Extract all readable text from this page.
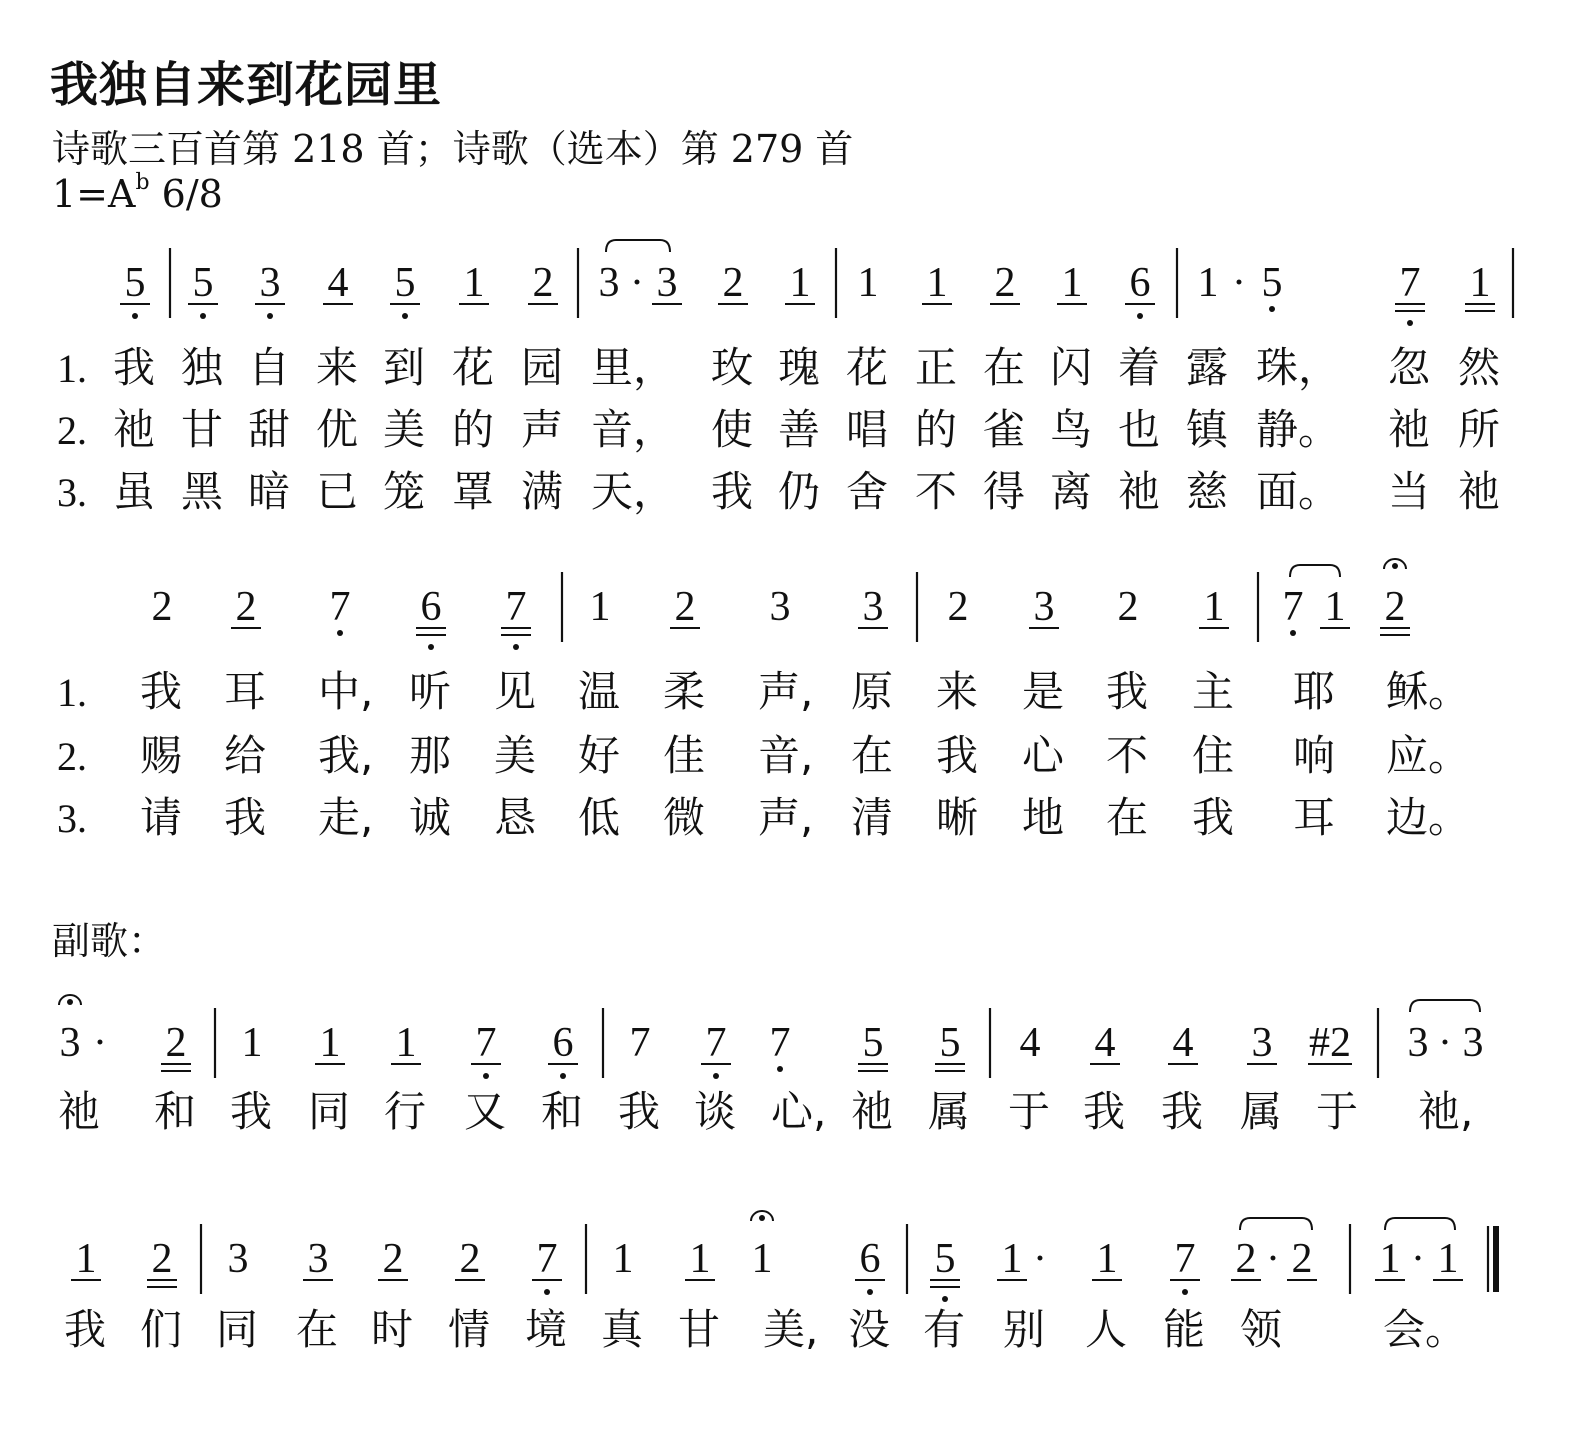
我独自来到花园里
诗歌三百首第 218 首；诗歌（选本）第 279 首
$1=A^b$ 6/8
副歌：
5 5 3 4 5 1 2 3 · 3 2 1 1 1 2 1 6 1 · 5	7 1
1. 我 独 自 来 到 花 园 里， 玫 瑰 花 正 在 闪 着 露 珠， 忽 然
2. 祂 甘 甜 优 美 的 声 音， 使 善 唱 的 雀 鸟 也 镇 静。 祂 所
3. 虽 黑 暗 已 笼 罩 满 天， 我 仍 舍 不 得 离 祂 慈 面。 当 祂
2 2 7 6 7 1 2 3 3 2 3 2 1 7 1 2
1. 我 耳 中, 听 见 温 柔 声, 原 来 是 我 主 耶 稣。
2. 赐 给 我, 那 美 好 佳 音, 在 我 心 不 住 响 应。
3. 请 我 走, 诚 恳 低 微 声, 清 晰 地 在 我 耳 边。
3 · 2 1 1 1 7 6 7 7 7 5 5 4 4 4 3 #2 3 · 3
祂 和 我 同 行 又 和 我 谈 心, 祂 属 于 我 我 属 于 祂,
1 2 3 3 2 2 7 1 1 1 6 5 1 · 1 7 2 · 2 1 · 1
我 们 同 在 时 情 境 真 甘 美, 没 有 别 人 能 领 会。
